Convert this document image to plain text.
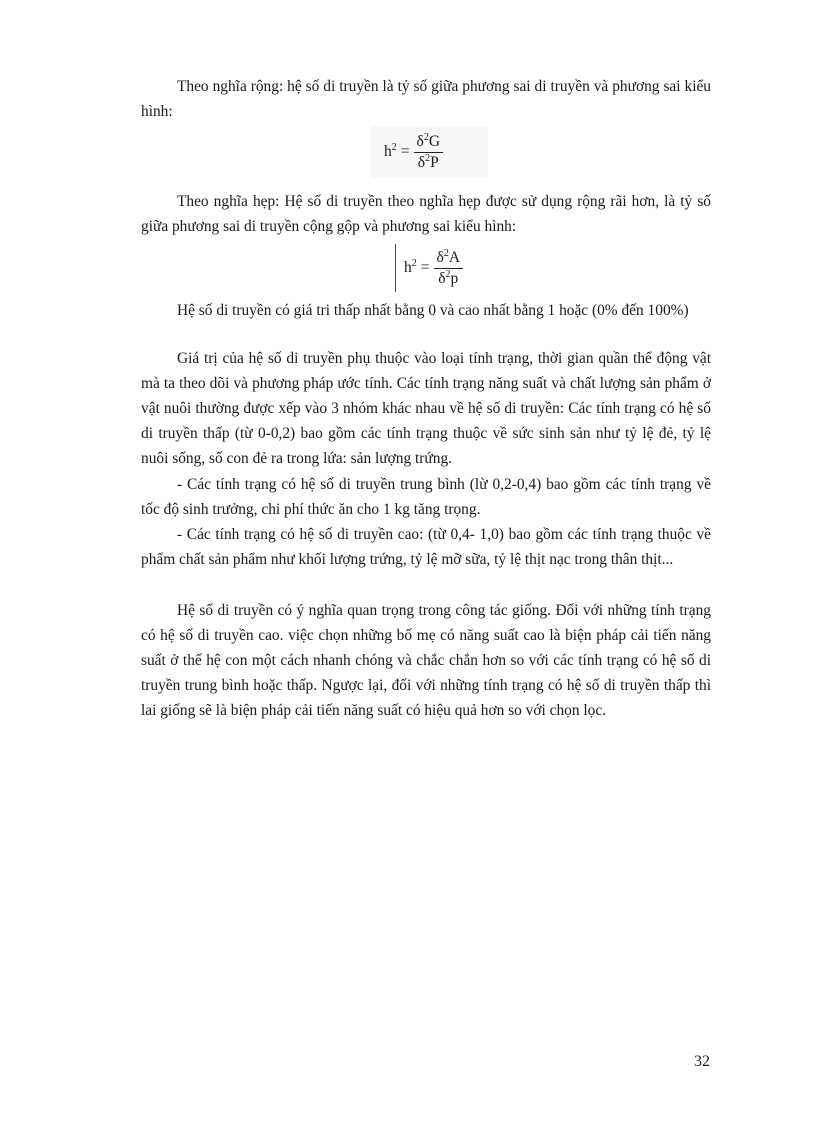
Theo nghĩa rộng: hệ số di truyền là tỷ số giữa phương sai di truyền và phương sai kiểu hình:

$h^2 = \frac{\delta^2G}{\delta^2P}$

Theo nghĩa hẹp: Hệ số di truyền theo nghĩa hẹp được sử dụng rộng rãi hơn, là tỷ số giữa phương sai di truyền cộng gộp và phương sai kiểu hình:

$h^2 = \frac{\delta^2A}{\delta^2p}$

Hệ số di truyền có giá tri thấp nhất bằng 0 và cao nhất bằng 1 hoặc (0% đến 100%)

Giá trị của hệ số di truyền phụ thuộc vào loại tính trạng, thời gian quần thể động vật mà ta theo dõi và phương pháp ước tính. Các tính trạng năng suất và chất lượng sản phẩm ở vật nuôi thường được xếp vào 3 nhóm khác nhau về hệ số di truyền: Các tính trạng có hệ số di truyền thấp (từ 0-0,2) bao gồm các tính trạng thuộc về sức sinh sản như tỷ lệ đẻ, tỷ lệ nuôi sống, số con đẻ ra trong lứa: sản lượng trứng.

- Các tính trạng có hệ số di truyền trung bình (lừ 0,2-0,4) bao gồm các tính trạng về tốc độ sinh trưởng, chi phí thức ăn cho 1 kg tăng trọng.

- Các tính trạng có hệ số di truyền cao: (từ 0,4- 1,0) bao gồm các tính trạng thuộc về phẩm chất sản phẩm như khối lượng trứng, tỷ lệ mỡ sữa, tỷ lệ thịt nạc trong thân thịt...

Hệ số di truyền có ý nghĩa quan trọng trong công tác giống. Đối với những tính trạng có hệ số di truyền cao. việc chọn những bố mẹ có năng suất cao là biện pháp cải tiến năng suất ở thế hệ con một cách nhanh chóng và chắc chắn hơn so với các tính trạng có hệ số di truyền trung bình hoặc thấp. Ngược lại, đối với những tính trạng có hệ số di truyền thấp thì lai giống sẽ là biện pháp cải tiến năng suất có hiệu quả hơn so với chọn lọc.

32
